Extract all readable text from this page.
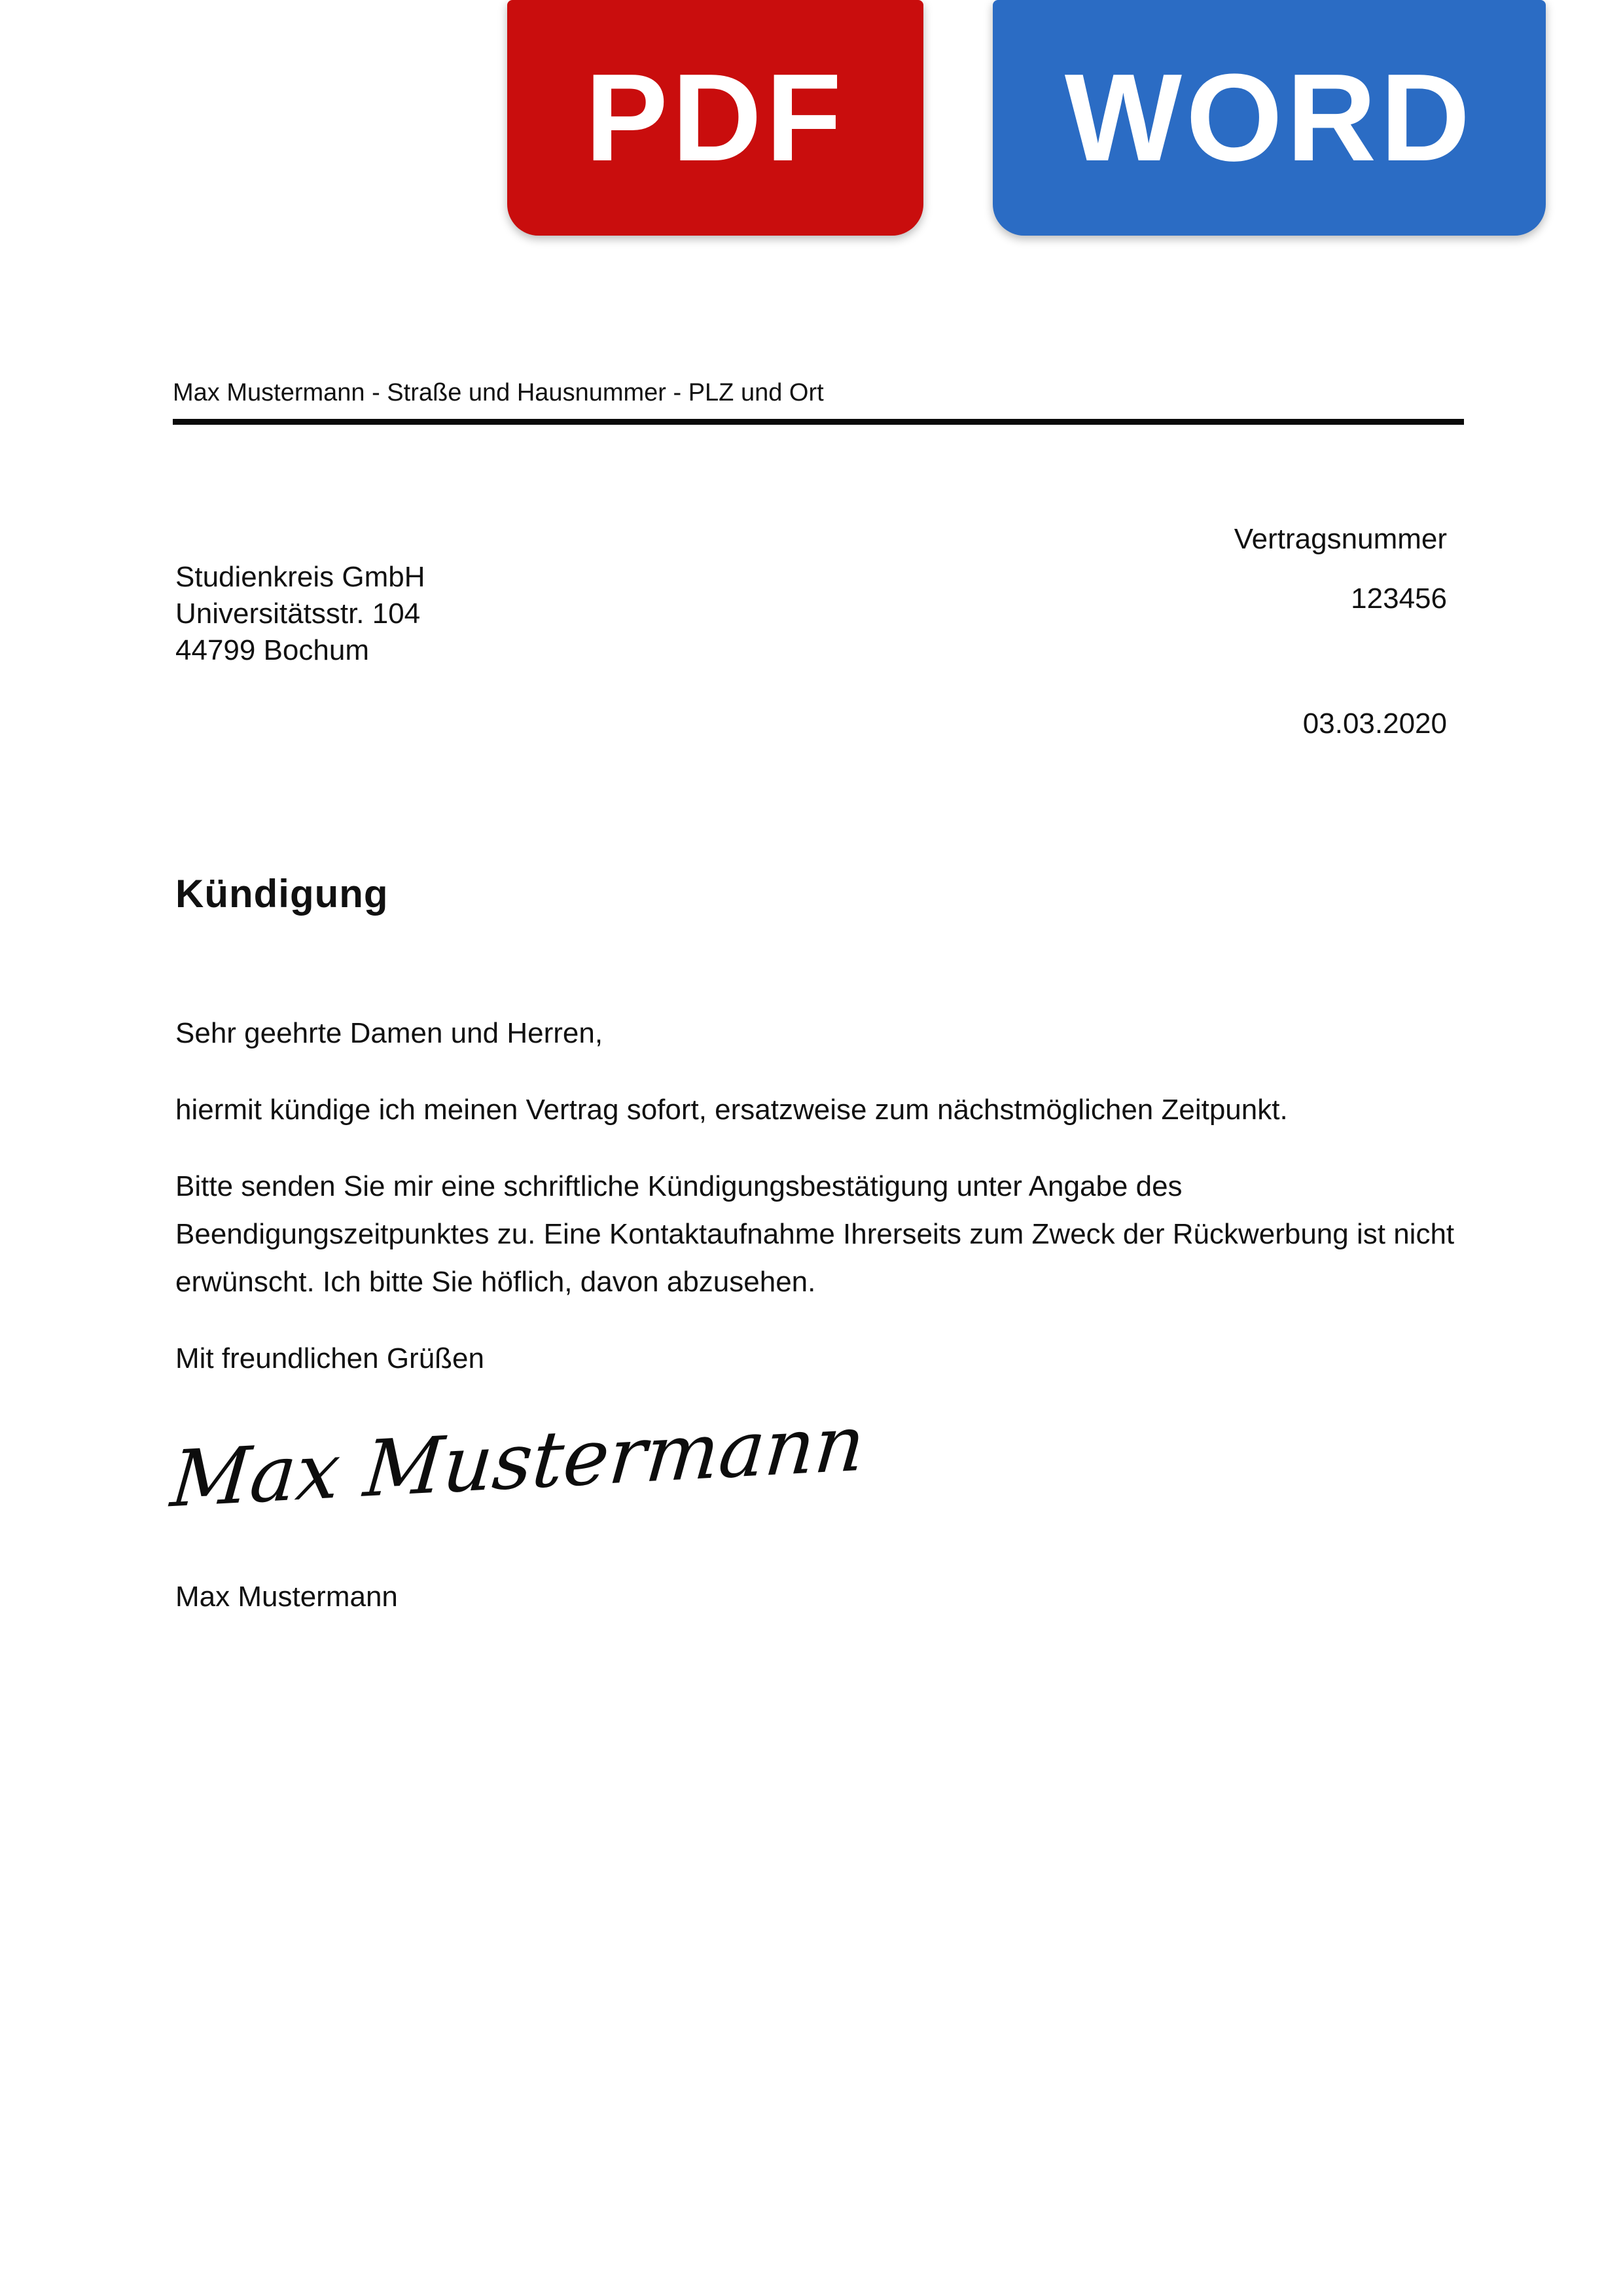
PDF WORD
Max Mustermann - Straße und Hausnummer - PLZ und Ort
Vertragsnummer
123456
Studienkreis GmbH
Universitätsstr. 104
44799 Bochum
03.03.2020
Kündigung
Sehr geehrte Damen und Herren,
hiermit kündige ich meinen Vertrag sofort, ersatzweise zum nächstmöglichen Zeitpunkt.
Bitte senden Sie mir eine schriftliche Kündigungsbestätigung unter Angabe des
Beendigungszeitpunktes zu. Eine Kontaktaufnahme Ihrerseits zum Zweck der Rückwerbung ist nicht
erwünscht. Ich bitte Sie höflich, davon abzusehen.
Mit freundlichen Grüßen
Max Mustermann
Max Mustermann
